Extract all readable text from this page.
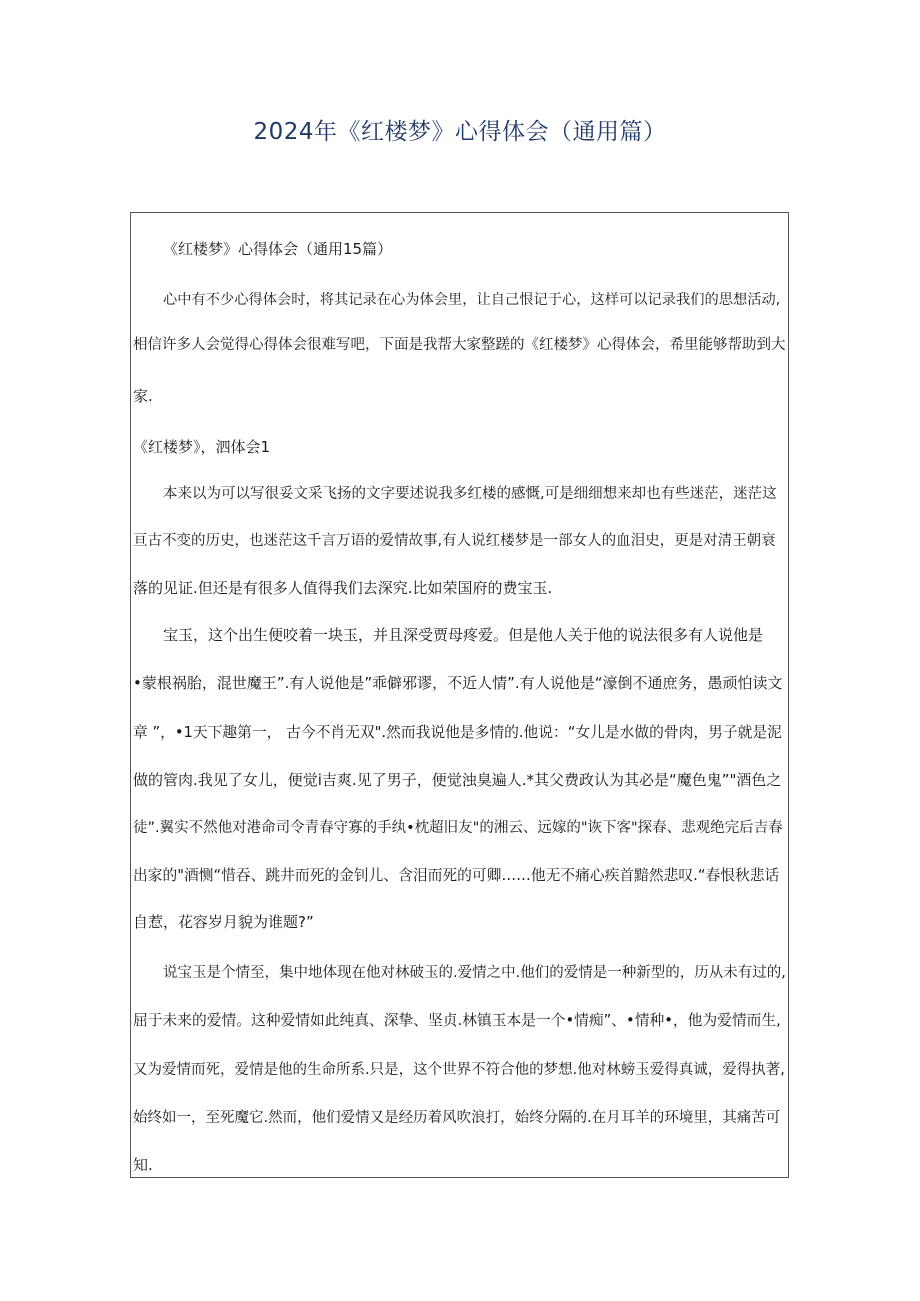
2024年《红楼梦》心得体会（通用篇）

《红楼梦》心得体会（通用15篇）

心中有不少心得体会时，将其记录在心为体会里，让自己恨记于心，这样可以记录我们的思想活动,

相信许多人会觉得心得体会很难写吧，下面是我帮大家整蹉的《红楼梦》心得体会，希里能够帮助到大

家.

《红楼梦》，泗体会1

本来以为可以写很妥文采飞扬的文字要述说我多红楼的感慨,可是细细想来却也有些迷茫，迷茫这

亘古不变的历史，也迷茫这千言万语的爱情故事,有人说红楼梦是一部女人的血泪史，更是对清王朝衰

落的见证.但还是有很多人值得我们去深究.比如荣国府的费宝玉.

宝玉，这个出生便咬着一块玉，并且深受贾母疼爱。但是他人关于他的说法很多有人说他是

•蒙根祸胎，混世魔王”.有人说他是”乖僻邪谬，不近人情”.有人说他是“濠倒不通庶务，愚顽怕读文

章 ”，•1天下趣第一， 古今不肖无双".然而我说他是多情的.他说：“女儿是水做的骨肉，男子就是泥

做的管肉.我见了女儿，便觉i吉爽.见了男子，便觉浊臭遍人.*其父费政认为其必是“魔色鬼”"酒色之

徒”.翼实不然他对港命司令青春守寡的手纨•枕超旧友"的湘云、远嫁的"诙下客"探春、悲观绝完后吉春

出家的"酒恻“惜吞、跳井而死的金钊儿、含泪而死的可卿……他无不痛心疾首黯然悲叹.“春恨秋悲话

自惹，花容岁月貌为谁题?”

说宝玉是个情至，集中地体现在他对林破玉的.爱情之中.他们的爱情是一种新型的，历从未有过的,

屈于未来的爱情。这种爱情如此纯真、深挚、坚贞.林镇玉本是一个•情痴”、•情种•，他为爱情而生,

又为爱情而死，爱情是他的生命所系.只是，这个世界不符合他的梦想.他对林螃玉爱得真诚，爱得执著,

始终如一，至死魔它.然而，他们爱情又是经历着风吹浪打，始终分隔的.在月耳羊的环境里，其痛苦可

知.
